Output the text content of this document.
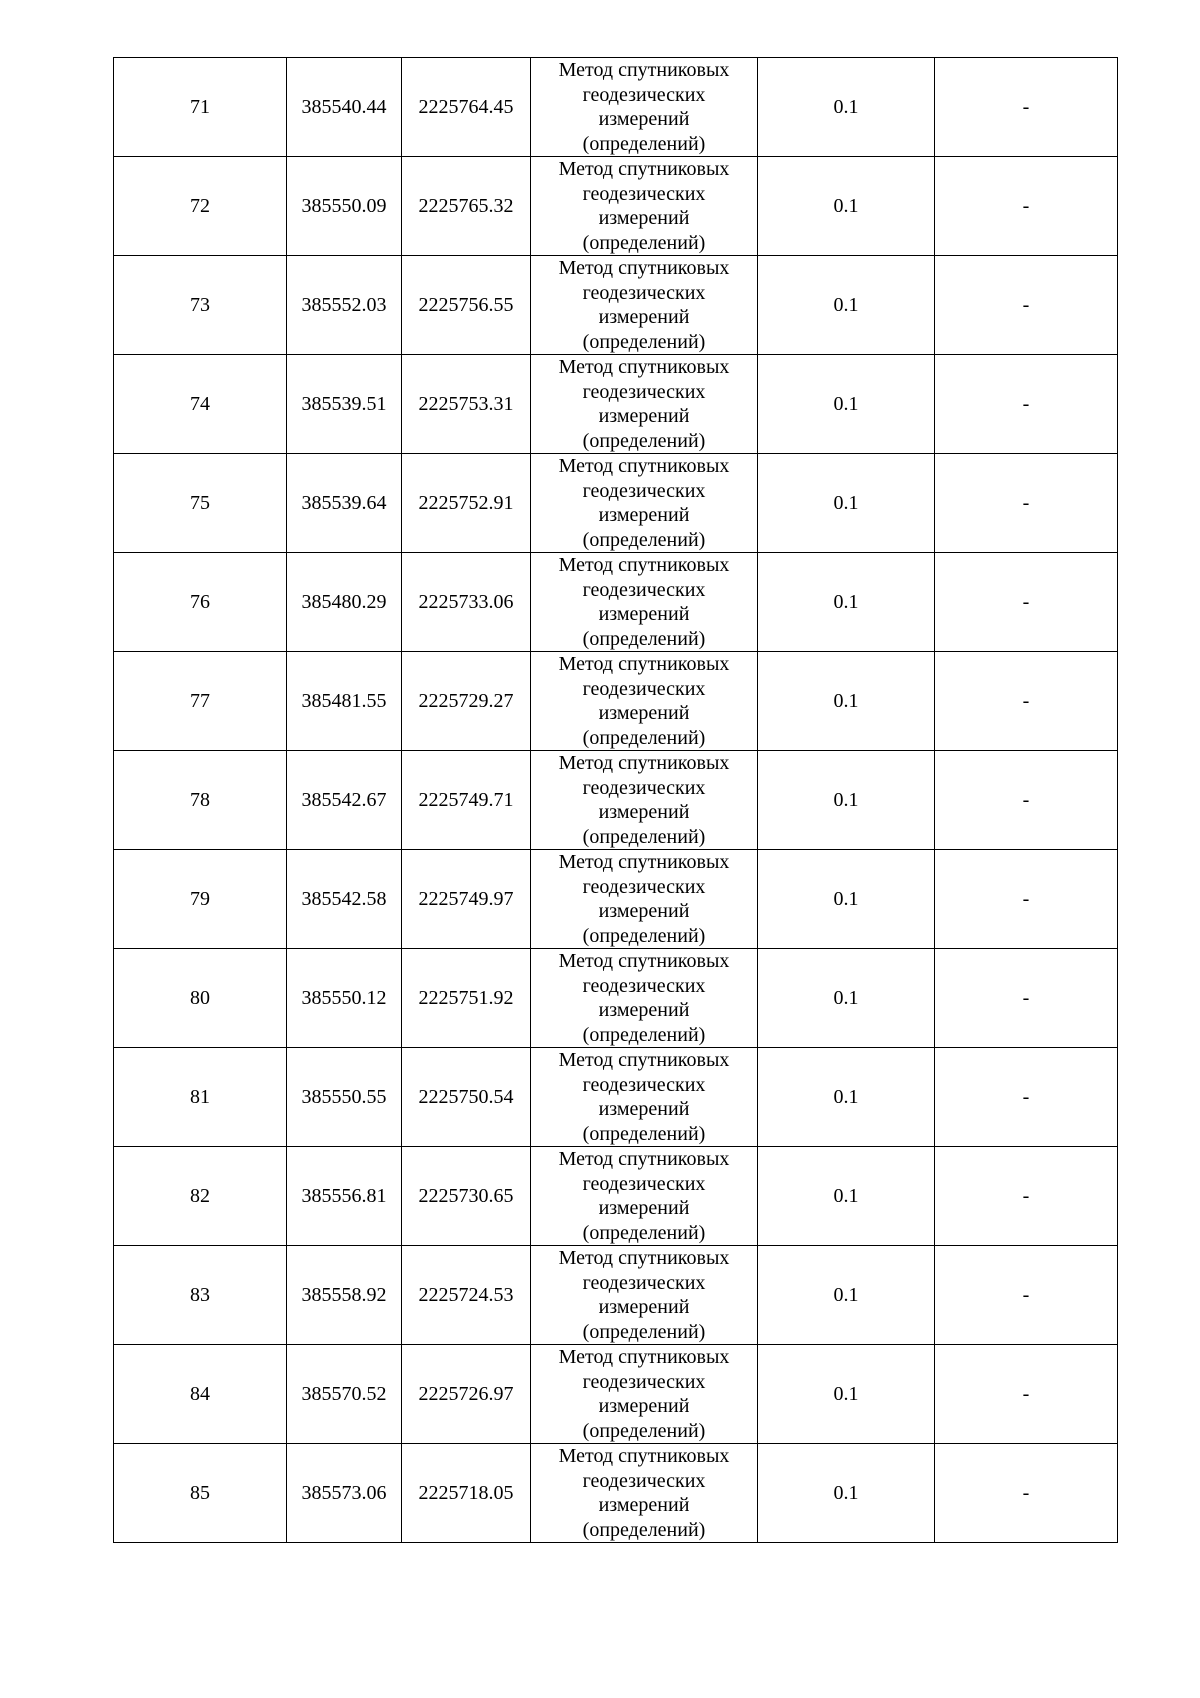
71	385540.44	2225764.45	Метод спутниковых геодезических измерений (определений)	0.1	-
72	385550.09	2225765.32	Метод спутниковых геодезических измерений (определений)	0.1	-
73	385552.03	2225756.55	Метод спутниковых геодезических измерений (определений)	0.1	-
74	385539.51	2225753.31	Метод спутниковых геодезических измерений (определений)	0.1	-
75	385539.64	2225752.91	Метод спутниковых геодезических измерений (определений)	0.1	-
76	385480.29	2225733.06	Метод спутниковых геодезических измерений (определений)	0.1	-
77	385481.55	2225729.27	Метод спутниковых геодезических измерений (определений)	0.1	-
78	385542.67	2225749.71	Метод спутниковых геодезических измерений (определений)	0.1	-
79	385542.58	2225749.97	Метод спутниковых геодезических измерений (определений)	0.1	-
80	385550.12	2225751.92	Метод спутниковых геодезических измерений (определений)	0.1	-
81	385550.55	2225750.54	Метод спутниковых геодезических измерений (определений)	0.1	-
82	385556.81	2225730.65	Метод спутниковых геодезических измерений (определений)	0.1	-
83	385558.92	2225724.53	Метод спутниковых геодезических измерений (определений)	0.1	-
84	385570.52	2225726.97	Метод спутниковых геодезических измерений (определений)	0.1	-
85	385573.06	2225718.05	Метод спутниковых геодезических измерений (определений)	0.1	-
